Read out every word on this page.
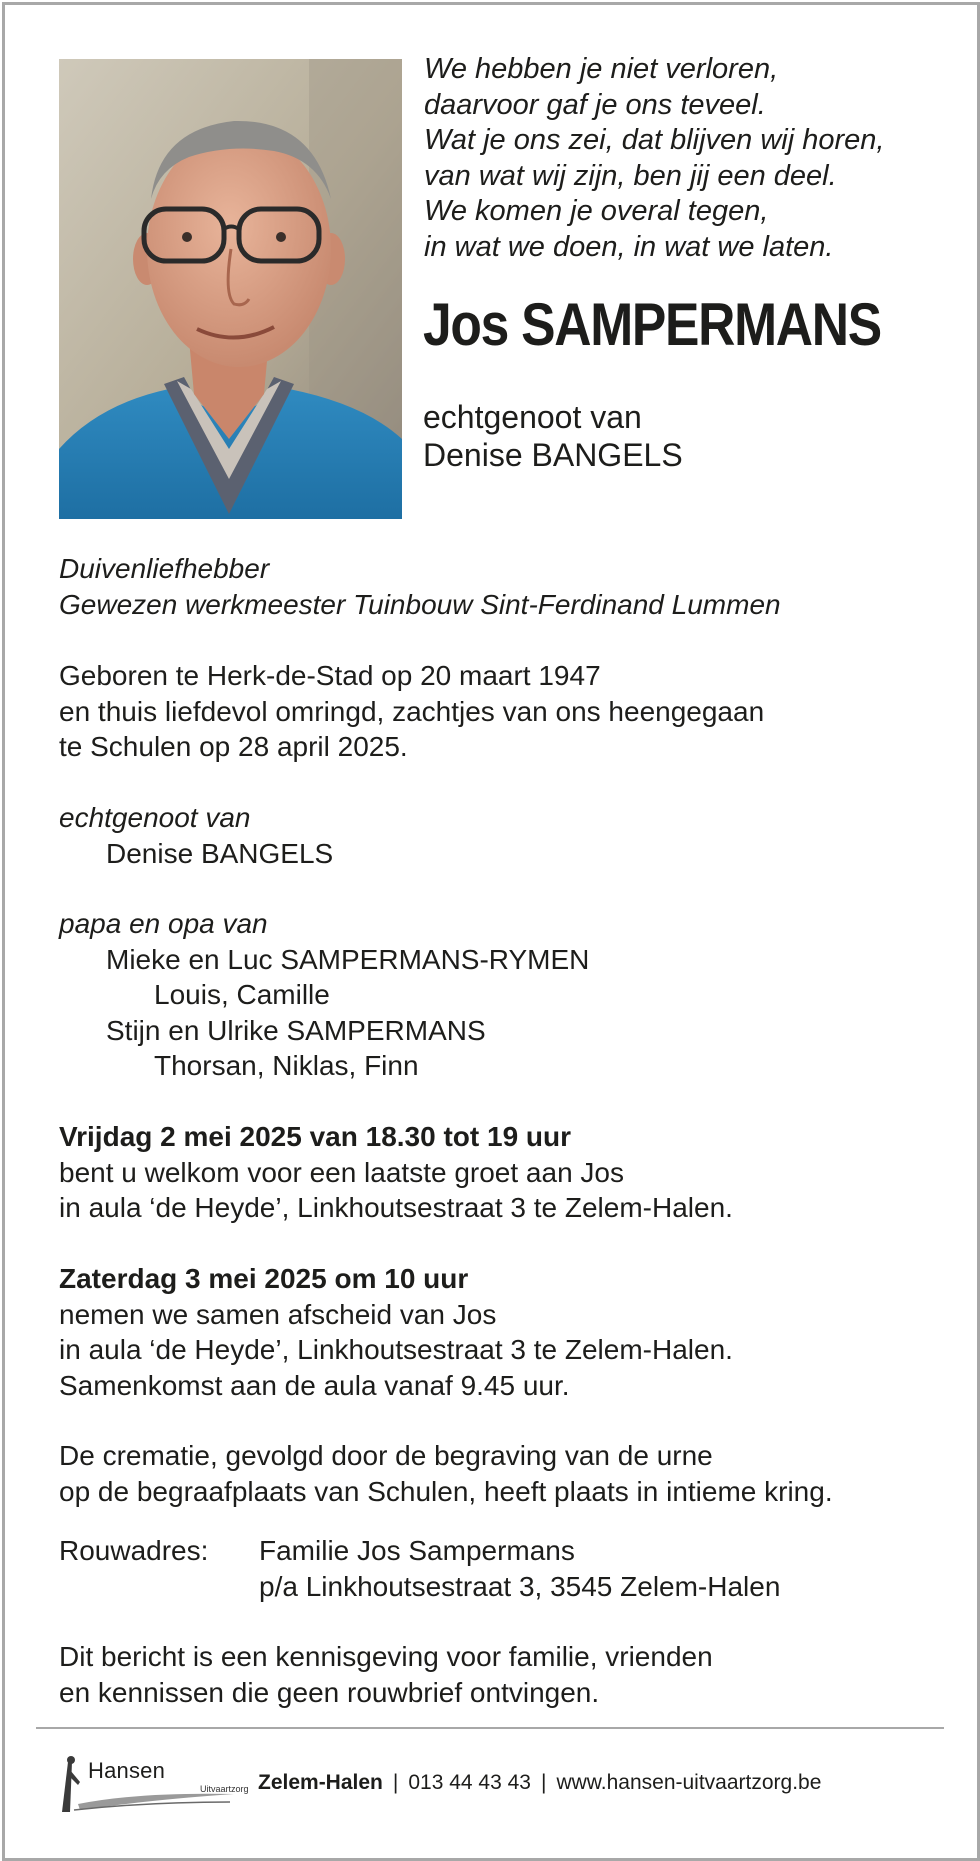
We hebben je niet verloren,
daarvoor gaf je ons teveel.
Wat je ons zei, dat blijven wij horen,
van wat wij zijn, ben jij een deel.
We komen je overal tegen,
in wat we doen, in wat we laten.

Jos SAMPERMANS
echtgenoot van
Denise BANGELS
Duivenliefhebber
Gewezen werkmeester Tuinbouw Sint-Ferdinand Lummen
Geboren te Herk-de-Stad op 20 maart 1947
en thuis liefdevol omringd, zachtjes van ons heengegaan
te Schulen op 28 april 2025.
echtgenoot van
Denise BANGELS
papa en opa van
Mieke en Luc SAMPERMANS-RYMEN
Louis, Camille
Stijn en Ulrike SAMPERMANS
Thorsan, Niklas, Finn
Vrijdag 2 mei 2025 van 18.30 tot 19 uur
bent u welkom voor een laatste groet aan Jos
in aula ‘de Heyde’, Linkhoutsestraat 3 te Zelem-Halen.
Zaterdag 3 mei 2025 om 10 uur
nemen we samen afscheid van Jos
in aula ‘de Heyde’, Linkhoutsestraat 3 te Zelem-Halen.
Samenkomst aan de aula vanaf 9.45 uur.
De crematie, gevolgd door de begraving van de urne
op de begraafplaats van Schulen, heeft plaats in intieme kring.
Rouwadres: Familie Jos Sampermans
p/a Linkhoutsestraat 3, 3545 Zelem-Halen
Dit bericht is een kennisgeving voor familie, vrienden
en kennissen die geen rouwbrief ontvingen.
Hansen
Uitvaartzorg Zelem-Halen | 013 44 43 43 | www.hansen-uitvaartzorg.be
